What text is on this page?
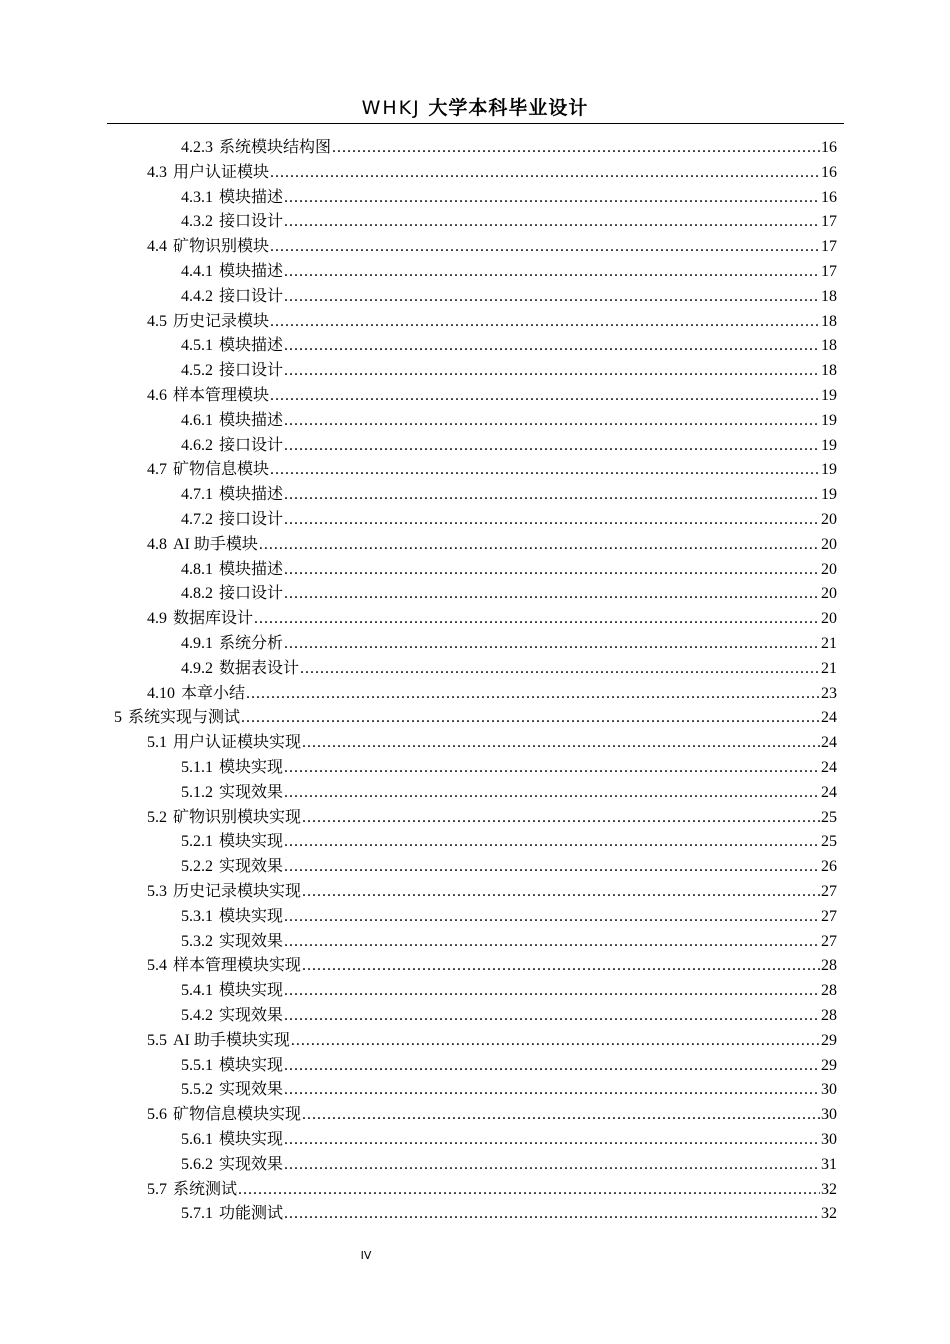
WHKJ 大学本科毕业设计
4.2.3 系统模块结构图 .....	16
4.3 用户认证模块 .....	16
4.3.1 模块描述 .....	16
4.3.2 接口设计 .....	17
4.4 矿物识别模块 .....	17
4.4.1 模块描述 .....	17
4.4.2 接口设计 .....	18
4.5 历史记录模块 .....	18
4.5.1 模块描述 .....	18
4.5.2 接口设计 .....	18
4.6 样本管理模块 .....	19
4.6.1 模块描述 .....	19
4.6.2 接口设计 .....	19
4.7 矿物信息模块 .....	19
4.7.1 模块描述 .....	19
4.7.2 接口设计 .....	20
4.8 AI 助手模块 .....	20
4.8.1 模块描述 .....	20
4.8.2 接口设计 .....	20
4.9 数据库设计 .....	20
4.9.1 系统分析 .....	21
4.9.2 数据表设计 .....	21
4.10 本章小结 .....	23
5 系统实现与测试 .....	24
5.1 用户认证模块实现 .....	24
5.1.1 模块实现 .....	24
5.1.2 实现效果 .....	24
5.2 矿物识别模块实现 .....	25
5.2.1 模块实现 .....	25
5.2.2 实现效果 .....	26
5.3 历史记录模块实现 .....	27
5.3.1 模块实现 .....	27
5.3.2 实现效果 .....	27
5.4 样本管理模块实现 .....	28
5.4.1 模块实现 .....	28
5.4.2 实现效果 .....	28
5.5 AI 助手模块实现 .....	29
5.5.1 模块实现 .....	29
5.5.2 实现效果 .....	30
5.6 矿物信息模块实现 .....	30
5.6.1 模块实现 .....	30
5.6.2 实现效果 .....	31
5.7 系统测试 .....	32
5.7.1 功能测试 .....	32
IV
